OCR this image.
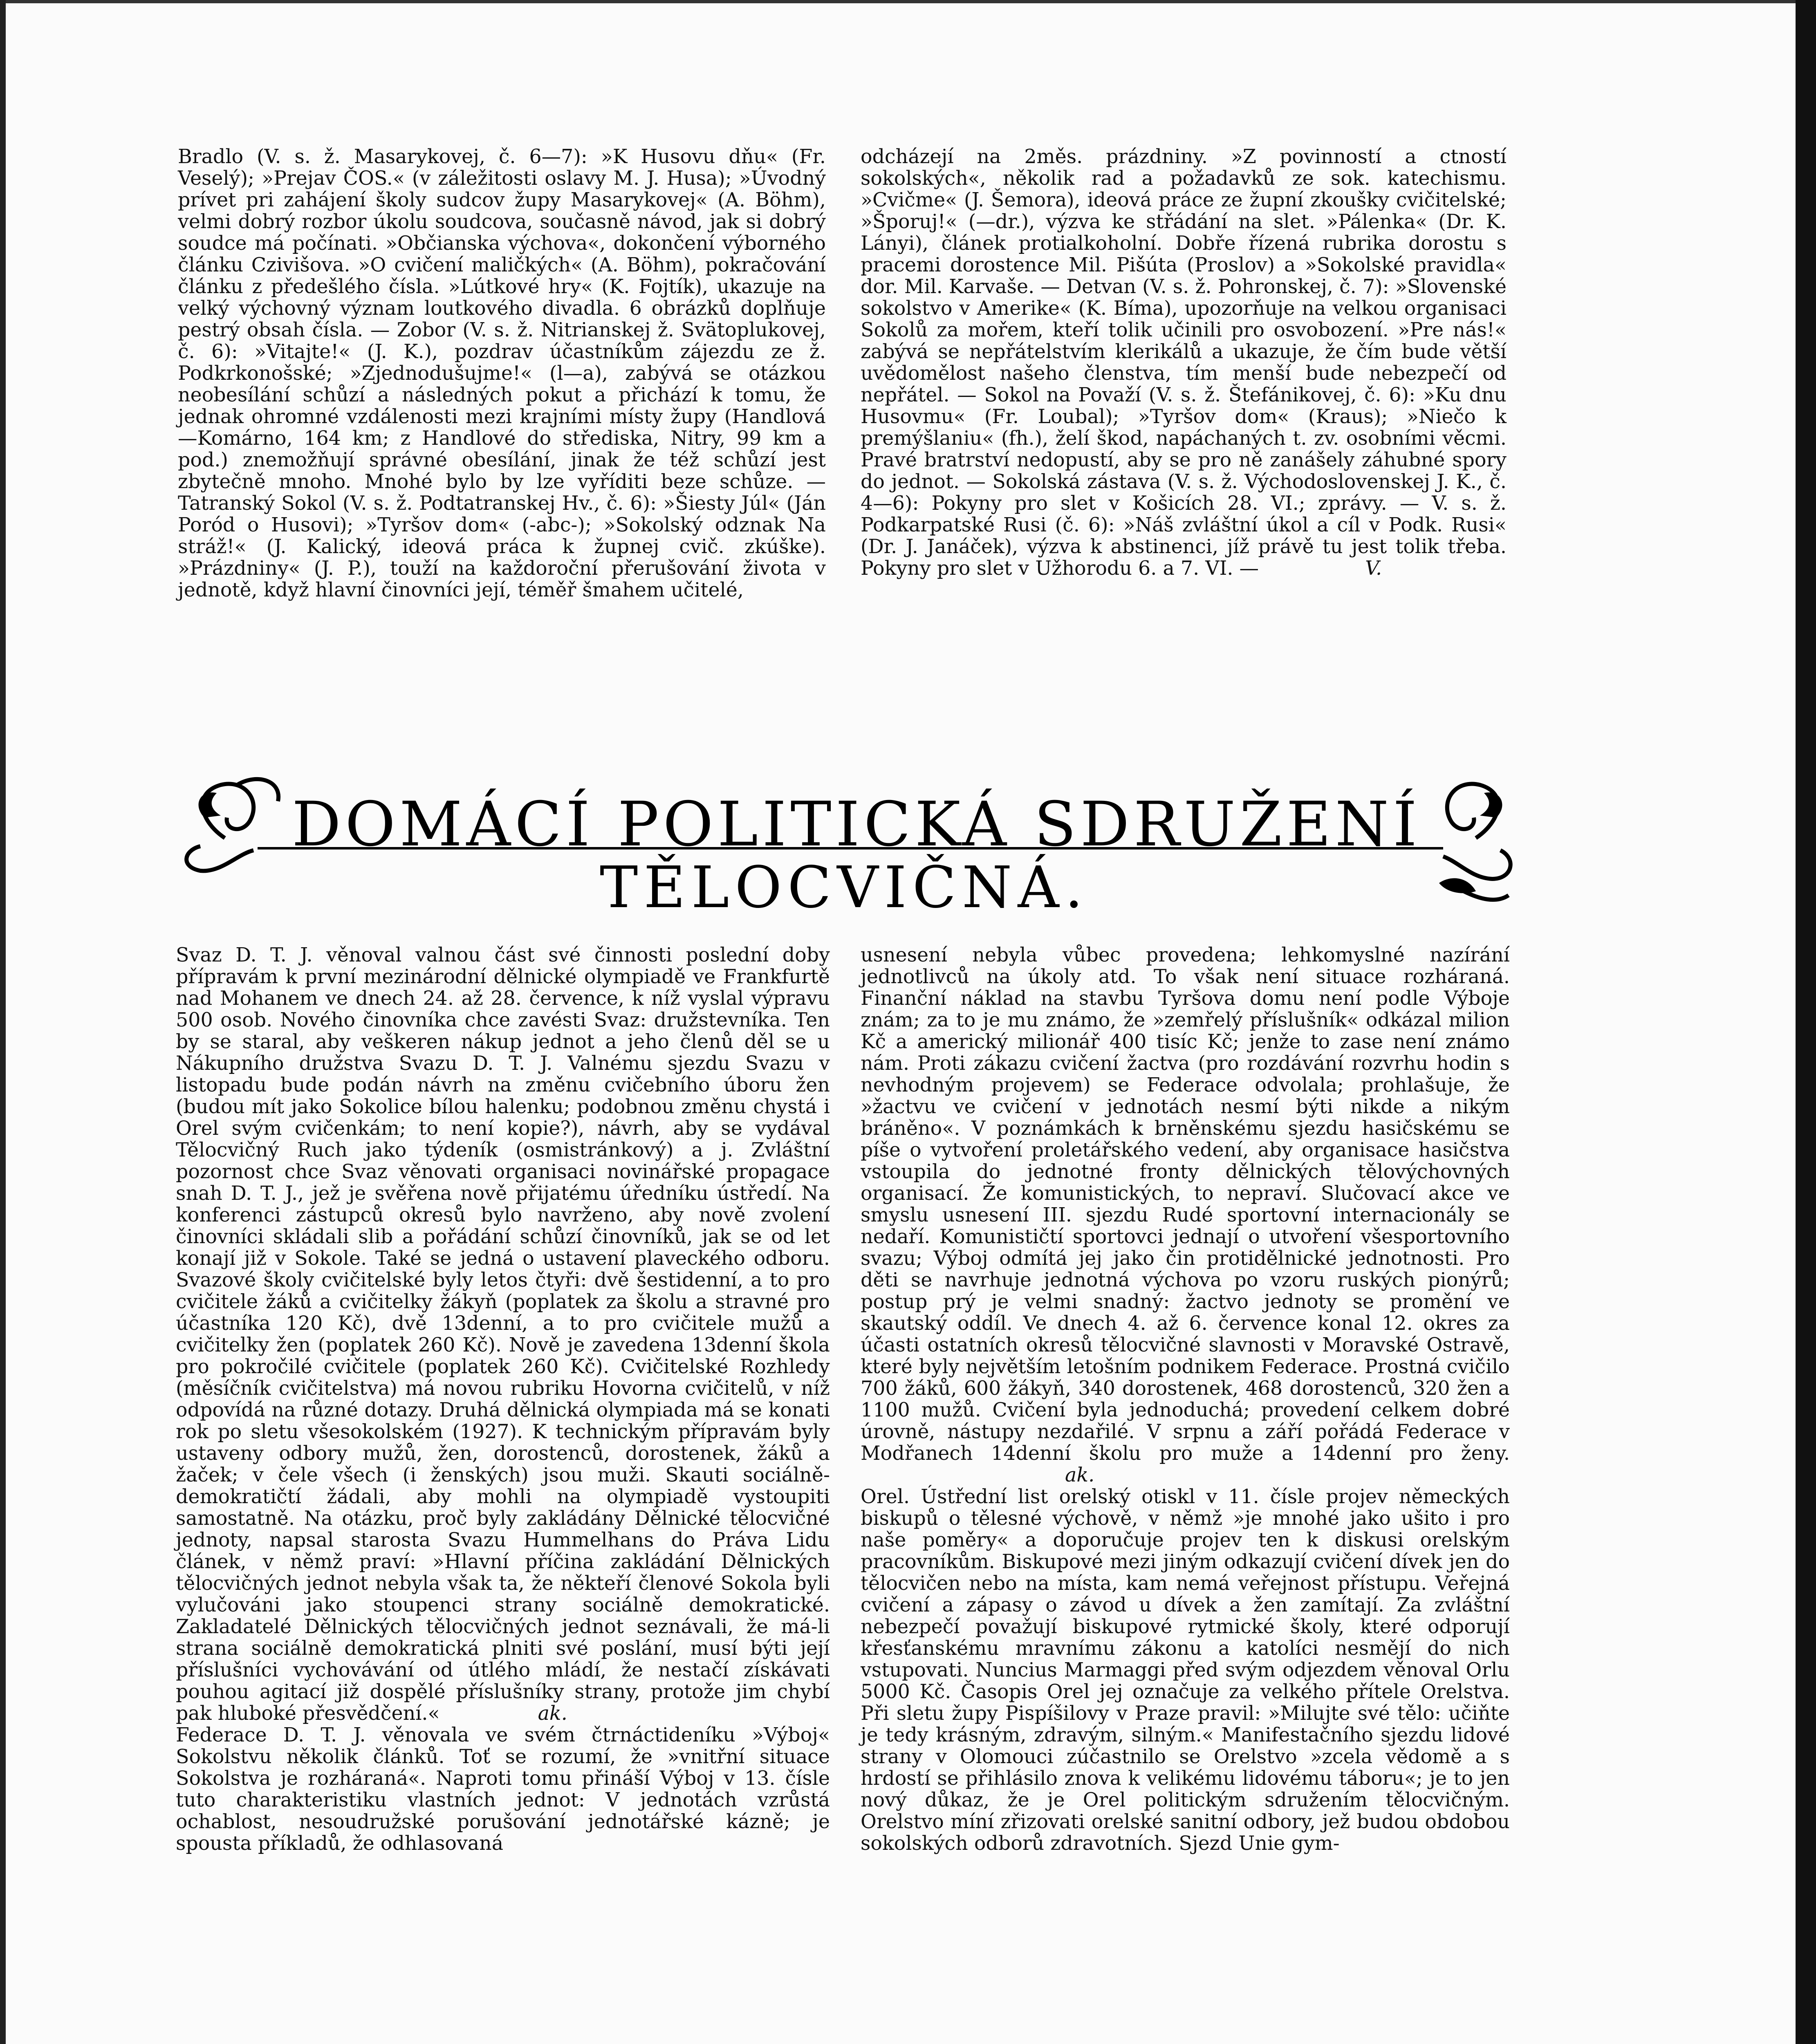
Bradlo (V. s. ž. Masarykovej, č. 6—7): »K Husovu dňu« (Fr. Veselý); »Prejav ČOS.« (v záležitosti oslavy M. J. Husa); »Úvodný prívet pri zahájení školy sudcov župy Masarykovej« (A. Böhm), velmi dobrý rozbor úkolu soudcova, současně návod, jak si dobrý soudce má počínati. »Občianska výchova«, dokončení výborného článku Czivišova. »O cvičení maličkých« (A. Böhm), pokračování článku z předešlého čísla. »Lútkové hry« (K. Fojtík), ukazuje na velký výchovný význam loutkového divadla. 6 obrázků doplňuje pestrý obsah čísla. — Zobor (V. s. ž. Nitrianskej ž. Svätoplukovej, č. 6): »Vitajte!« (J. K.), pozdrav účastníkům zájezdu ze ž. Podkrkonošské; »Zjednodušujme!« (l—a), zabývá se otázkou neobesílání schůzí a následných pokut a přichází k tomu, že jednak ohromné vzdálenosti mezi krajními místy župy (Handlová—Komárno, 164 km; z Handlové do střediska, Nitry, 99 km a pod.) znemožňují správné obesílání, jinak že též schůzí jest zbytečně mnoho. Mnohé bylo by lze vyříditi beze schůze. — Tatranský Sokol (V. s. ž. Podtatranskej Hv., č. 6): »Šiesty Júl« (Ján Poród o Husovi); »Tyršov dom« (-abc-); »Sokolský odznak Na stráž!« (J. Kalický, ideová práca k župnej cvič. zkúške). »Prázdniny« (J. P.), touží na každoroční přerušování života v jednotě, když hlavní činovníci její, téměř šmahem učitelé,

odcházejí na 2měs. prázdniny. »Z povinností a ctností sokolských«, několik rad a požadavků ze sok. katechismu. »Cvičme« (J. Šemora), ideová práce ze župní zkoušky cvičitelské; »Šporuj!« (—dr.), výzva ke střádání na slet. »Pálenka« (Dr. K. Lányi), článek protialkoholní. Dobře řízená rubrika dorostu s pracemi dorostence Mil. Pišúta (Proslov) a »Sokolské pravidla« dor. Mil. Karvaše. — Detvan (V. s. ž. Pohronskej, č. 7): »Slovenské sokolstvo v Amerike« (K. Bíma), upozorňuje na velkou organisaci Sokolů za mořem, kteří tolik učinili pro osvobození. »Pre nás!« zabývá se nepřátelstvím klerikálů a ukazuje, že čím bude větší uvědomělost našeho členstva, tím menší bude nebezpečí od nepřátel. — Sokol na Považí (V. s. ž. Štefánikovej, č. 6): »Ku dnu Husovmu« (Fr. Loubal); »Tyršov dom« (Kraus); »Niečo k premýšlaniu« (fh.), želí škod, napáchaných t. zv. osobními věcmi. Pravé bratrství nedopustí, aby se pro ně zanášely záhubné spory do jednot. — Sokolská zástava (V. s. ž. Východoslovenskej J. K., č. 4—6): Pokyny pro slet v Košicích 28. VI.; zprávy. — V. s. ž. Podkarpatské Rusi (č. 6): »Náš zvláštní úkol a cíl v Podk. Rusi« (Dr. J. Janáček), výzva k abstinenci, jíž právě tu jest tolik třeba. Pokyny pro slet v Užhorodu 6. a 7. VI. —	V.

DOMÁCÍ POLITICKÁ SDRUŽENÍ
TĚLOCVIČNÁ.

Svaz D. T. J. věnoval valnou část své činnosti poslední doby přípravám k první mezinárodní dělnické olympiadě ve Frankfurtě nad Mohanem ve dnech 24. až 28. července, k níž vyslal výpravu 500 osob. Nového činovníka chce zavésti Svaz: družstevníka. Ten by se staral, aby veškeren nákup jednot a jeho členů děl se u Nákupního družstva Svazu D. T. J. Valnému sjezdu Svazu v listopadu bude podán návrh na změnu cvičebního úboru žen (budou mít jako Sokolice bílou halenku; podobnou změnu chystá i Orel svým cvičenkám; to není kopie?), návrh, aby se vydával Tělocvičný Ruch jako týdeník (osmistránkový) a j. Zvláštní pozornost chce Svaz věnovati organisaci novinářské propagace snah D. T. J., jež je svěřena nově přijatému úředníku ústředí. Na konferenci zástupců okresů bylo navrženo, aby nově zvolení činovníci skládali slib a pořádání schůzí činovníků, jak se od let konají již v Sokole. Také se jedná o ustavení plaveckého odboru. Svazové školy cvičitelské byly letos čtyři: dvě šestidenní, a to pro cvičitele žáků a cvičitelky žákyň (poplatek za školu a stravné pro účastníka 120 Kč), dvě 13denní, a to pro cvičitele mužů a cvičitelky žen (poplatek 260 Kč). Nově je zavedena 13denní škola pro pokročilé cvičitele (poplatek 260 Kč). Cvičitelské Rozhledy (měsíčník cvičitelstva) má novou rubriku Hovorna cvičitelů, v níž odpovídá na různé dotazy. Druhá dělnická olympiada má se konati rok po sletu všesokolském (1927). K technickým přípravám byly ustaveny odbory mužů, žen, dorostenců, dorostenek, žáků a žaček; v čele všech (i ženských) jsou muži. Skauti sociálně-demokratičtí žádali, aby mohli na olympiadě vystoupiti samostatně. Na otázku, proč byly zakládány Dělnické tělocvičné jednoty, napsal starosta Svazu Hummelhans do Práva Lidu článek, v němž praví: »Hlavní příčina zakládání Dělnických tělocvičných jednot nebyla však ta, že někteří členové Sokola byli vylučováni jako stoupenci strany sociálně demokratické. Zakladatelé Dělnických tělocvičných jednot seznávali, že má-li strana sociálně demokratická plniti své poslání, musí býti její příslušníci vychovávání od útlého mládí, že nestačí získávati pouhou agitací již dospělé příslušníky strany, protože jim chybí pak hluboké přesvědčení.«	ak.

Federace D. T. J. věnovala ve svém čtrnáctideníku »Výboj« Sokolstvu několik článků. Toť se rozumí, že »vnitřní situace Sokolstva je rozháraná«. Naproti tomu přináší Výboj v 13. čísle tuto charakteristiku vlastních jednot: V jednotách vzrůstá ochablost, nesoudružské porušování jednotářské kázně; je spousta příkladů, že odhlasovaná

usnesení nebyla vůbec provedena; lehkomyslné nazírání jednotlivců na úkoly atd. To však není situace rozháraná. Finanční náklad na stavbu Tyršova domu není podle Výboje znám; za to je mu známo, že »zemřelý příslušník« odkázal milion Kč a americký milionář 400 tisíc Kč; jenže to zase není známo nám. Proti zákazu cvičení žactva (pro rozdávání rozvrhu hodin s nevhodným projevem) se Federace odvolala; prohlašuje, že »žactvu ve cvičení v jednotách nesmí býti nikde a nikým bráněno«. V poznámkách k brněnskému sjezdu hasičskému se píše o vytvoření proletářského vedení, aby organisace hasičstva vstoupila do jednotné fronty dělnických tělovýchovných organisací. Že komunistických, to nepraví. Slučovací akce ve smyslu usnesení III. sjezdu Rudé sportovní internacionály se nedaří. Komunističtí sportovci jednají o utvoření všesportovního svazu; Výboj odmítá jej jako čin protidělnické jednotnosti. Pro děti se navrhuje jednotná výchova po vzoru ruských pionýrů; postup prý je velmi snadný: žactvo jednoty se promění ve skautský oddíl. Ve dnech 4. až 6. července konal 12. okres za účasti ostatních okresů tělocvičné slavnosti v Moravské Ostravě, které byly největším letošním podnikem Federace. Prostná cvičilo 700 žáků, 600 žákyň, 340 dorostenek, 468 dorostenců, 320 žen a 1100 mužů. Cvičení byla jednoduchá; provedení celkem dobré úrovně, nástupy nezdařilé. V srpnu a září pořádá Federace v Modřanech 14denní školu pro muže a 14denní pro ženy.ak.

Orel. Ústřední list orelský otiskl v 11. čísle projev německých biskupů o tělesné výchově, v němž »je mnohé jako ušito i pro naše poměry« a doporučuje projev ten k diskusi orelským pracovníkům. Biskupové mezi jiným odkazují cvičení dívek jen do tělocvičen nebo na místa, kam nemá veřejnost přístupu. Veřejná cvičení a zápasy o závod u dívek a žen zamítají. Za zvláštní nebezpečí považují biskupové rytmické školy, které odporují křesťanskému mravnímu zákonu a katolíci nesmějí do nich vstupovati. Nuncius Marmaggi před svým odjezdem věnoval Orlu 5000 Kč. Časopis Orel jej označuje za velkého přítele Orelstva. Při sletu župy Pispíšilovy v Praze pravil: »Milujte své tělo: učiňte je tedy krásným, zdravým, silným.« Manifestačního sjezdu lidové strany v Olomouci zúčastnilo se Orelstvo »zcela vědomě a s hrdostí se přihlásilo znova k velikému lidovému táboru«; je to jen nový důkaz, že je Orel politickým sdružením tělocvičným. Orelstvo míní zřizovati orelské sanitní odbory, jež budou obdobou sokolských odborů zdravotních. Sjezd Unie gym-
